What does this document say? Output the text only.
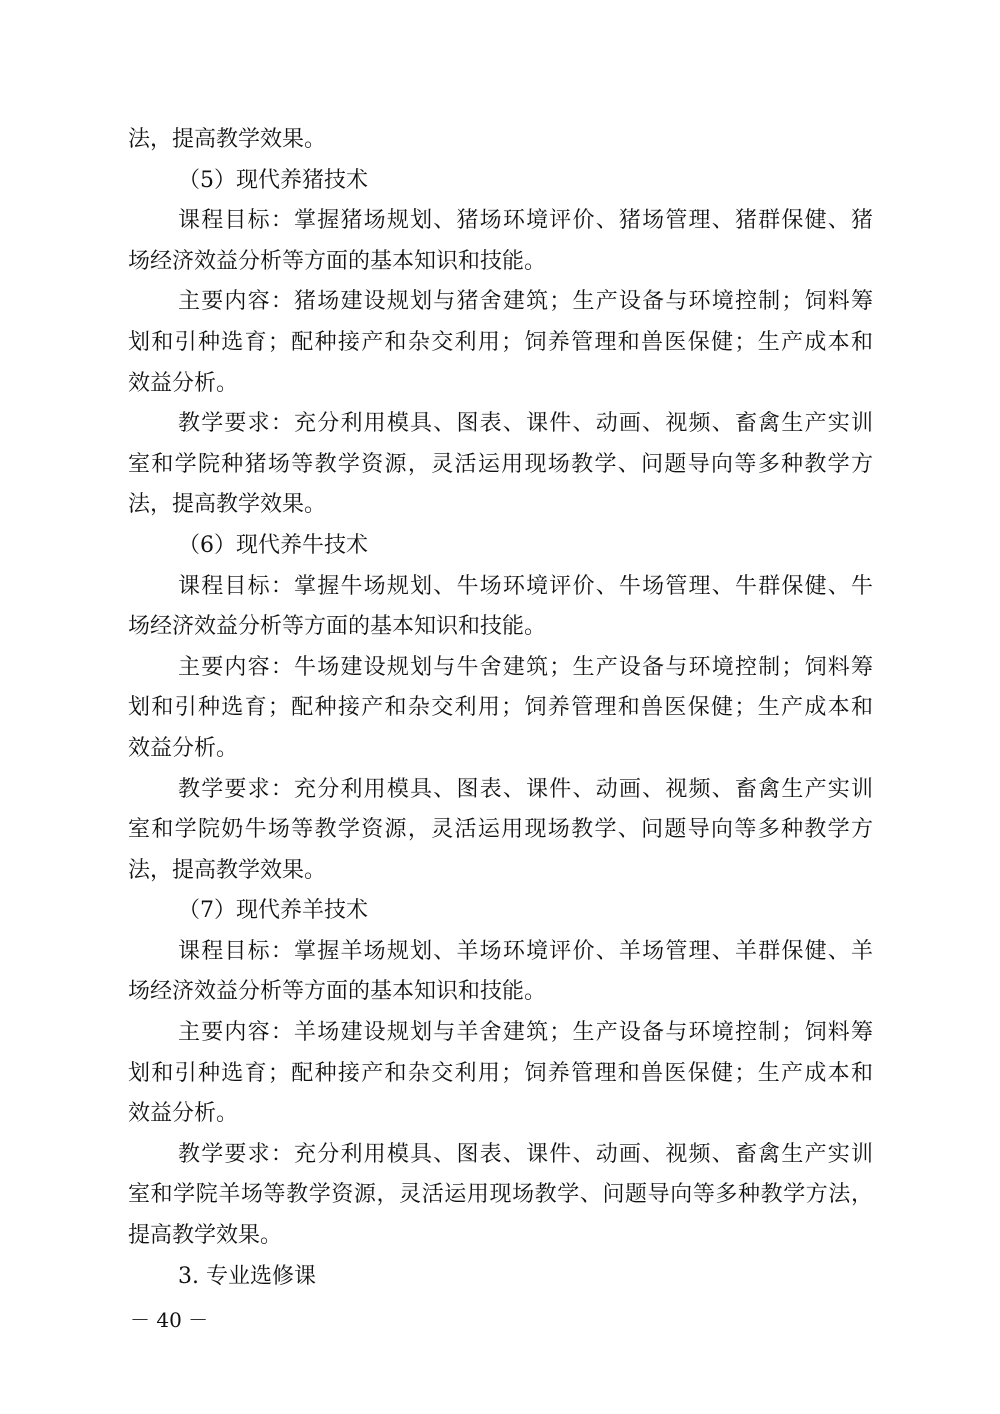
法，提高教学效果。
（5）现代养猪技术
课程目标：掌握猪场规划、猪场环境评价、猪场管理、猪群保健、猪
场经济效益分析等方面的基本知识和技能。
主要内容：猪场建设规划与猪舍建筑；生产设备与环境控制；饲料筹
划和引种选育；配种接产和杂交利用；饲养管理和兽医保健；生产成本和
效益分析。
教学要求：充分利用模具、图表、课件、动画、视频、畜禽生产实训
室和学院种猪场等教学资源，灵活运用现场教学、问题导向等多种教学方
法，提高教学效果。
（6）现代养牛技术
课程目标：掌握牛场规划、牛场环境评价、牛场管理、牛群保健、牛
场经济效益分析等方面的基本知识和技能。
主要内容：牛场建设规划与牛舍建筑；生产设备与环境控制；饲料筹
划和引种选育；配种接产和杂交利用；饲养管理和兽医保健；生产成本和
效益分析。
教学要求：充分利用模具、图表、课件、动画、视频、畜禽生产实训
室和学院奶牛场等教学资源，灵活运用现场教学、问题导向等多种教学方
法，提高教学效果。
（7）现代养羊技术
课程目标：掌握羊场规划、羊场环境评价、羊场管理、羊群保健、羊
场经济效益分析等方面的基本知识和技能。
主要内容：羊场建设规划与羊舍建筑；生产设备与环境控制；饲料筹
划和引种选育；配种接产和杂交利用；饲养管理和兽医保健；生产成本和
效益分析。
教学要求：充分利用模具、图表、课件、动画、视频、畜禽生产实训
室和学院羊场等教学资源，灵活运用现场教学、问题导向等多种教学方法，
提高教学效果。
3. 专业选修课
－ 40 －
